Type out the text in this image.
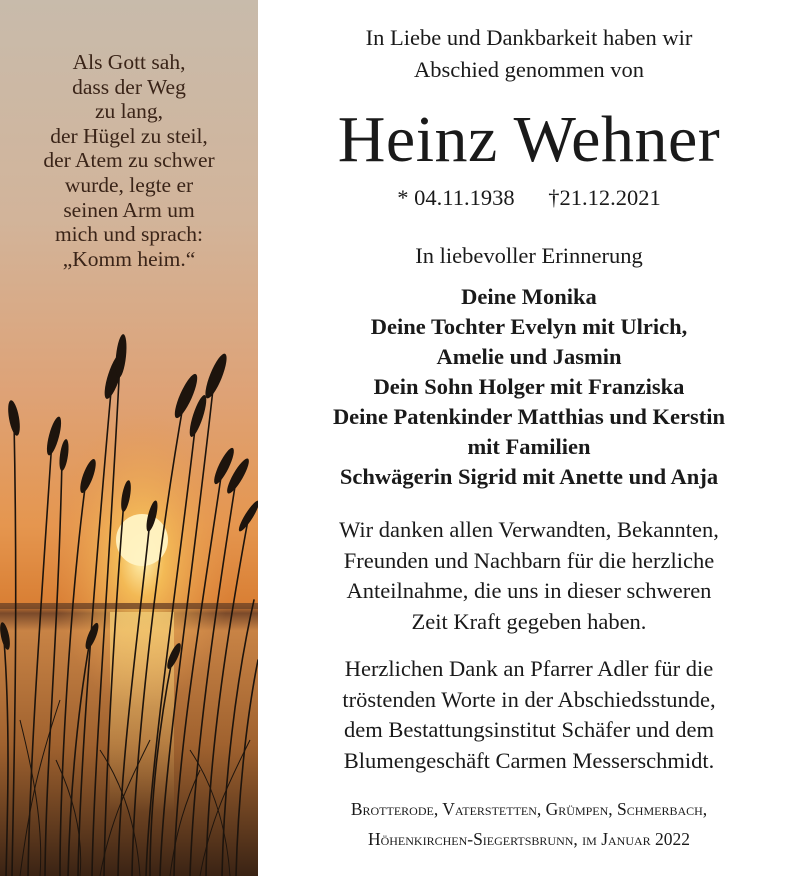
Als Gott sah,
dass der Weg
zu lang,
der Hügel zu steil,
der Atem zu schwer
wurde, legte er
seinen Arm um
mich und sprach:
„Komm heim.“
In Liebe und Dankbarkeit haben wir
Abschied genommen von
Heinz Wehner
* 04.11.1938 †21.12.2021
In liebevoller Erinnerung
Deine Monika
Deine Tochter Evelyn mit Ulrich,
Amelie und Jasmin
Dein Sohn Holger mit Franziska
Deine Patenkinder Matthias und Kerstin
mit Familien
Schwägerin Sigrid mit Anette und Anja
Wir danken allen Verwandten, Bekannten,
Freunden und Nachbarn für die herzliche
Anteilnahme, die uns in dieser schweren
Zeit Kraft gegeben haben.
Herzlichen Dank an Pfarrer Adler für die
tröstenden Worte in der Abschiedsstunde,
dem Bestattungsinstitut Schäfer und dem
Blumengeschäft Carmen Messerschmidt.
Brotterode, Vaterstetten, Grümpen, Schmerbach,
Höhenkirchen-Siegertsbrunn, im Januar 2022
